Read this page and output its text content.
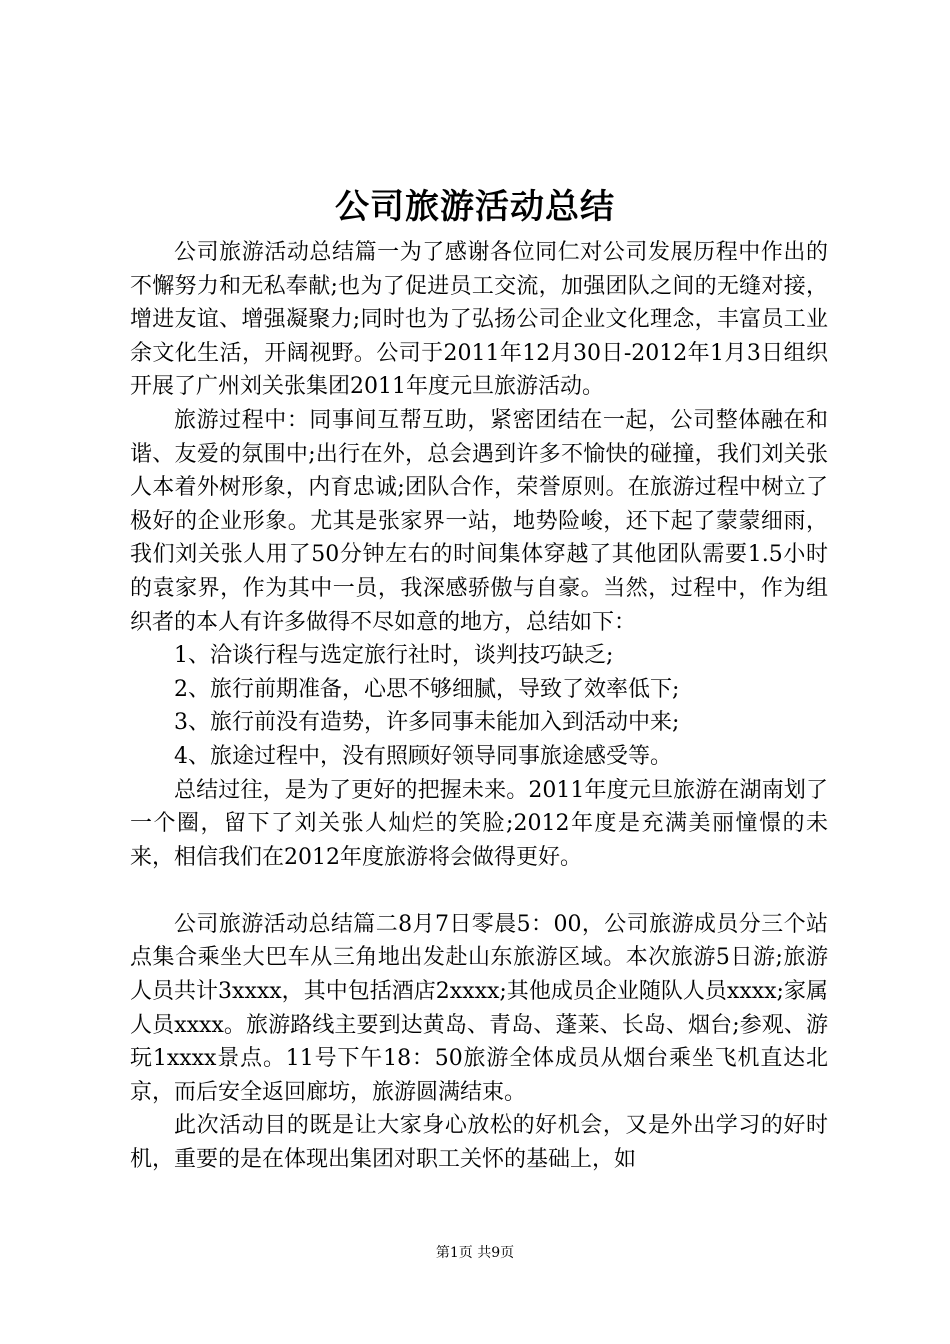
公司旅游活动总结

公司旅游活动总结篇一为了感谢各位同仁对公司发展历程中作出的不懈努力和无私奉献;也为了促进员工交流，加强团队之间的无缝对接，增进友谊、增强凝聚力;同时也为了弘扬公司企业文化理念，丰富员工业余文化生活，开阔视野。公司于2011年12月30日-2012年1月3日组织开展了广州刘关张集团2011年度元旦旅游活动。

旅游过程中：同事间互帮互助，紧密团结在一起，公司整体融在和谐、友爱的氛围中;出行在外，总会遇到许多不愉快的碰撞，我们刘关张人本着外树形象，内育忠诚;团队合作，荣誉原则。在旅游过程中树立了极好的企业形象。尤其是张家界一站，地势险峻，还下起了蒙蒙细雨，我们刘关张人用了50分钟左右的时间集体穿越了其他团队需要1.5小时的袁家界，作为其中一员，我深感骄傲与自豪。当然，过程中，作为组织者的本人有许多做得不尽如意的地方，总结如下：

1、洽谈行程与选定旅行社时，谈判技巧缺乏;

2、旅行前期准备，心思不够细腻，导致了效率低下;

3、旅行前没有造势，许多同事未能加入到活动中来;

4、旅途过程中，没有照顾好领导同事旅途感受等。

总结过往，是为了更好的把握未来。2011年度元旦旅游在湖南划了一个圈，留下了刘关张人灿烂的笑脸;2012年度是充满美丽憧憬的未来，相信我们在2012年度旅游将会做得更好。

公司旅游活动总结篇二8月7日零晨5：00，公司旅游成员分三个站点集合乘坐大巴车从三角地出发赴山东旅游区域。本次旅游5日游;旅游人员共计3xxxx，其中包括酒店2xxxx;其他成员企业随队人员xxxx;家属人员xxxx。旅游路线主要到达黄岛、青岛、蓬莱、长岛、烟台;参观、游玩1xxxx景点。11号下午18：50旅游全体成员从烟台乘坐飞机直达北京，而后安全返回廊坊，旅游圆满结束。

此次活动目的既是让大家身心放松的好机会，又是外出学习的好时机，重要的是在体现出集团对职工关怀的基础上，如

第1页 共9页
